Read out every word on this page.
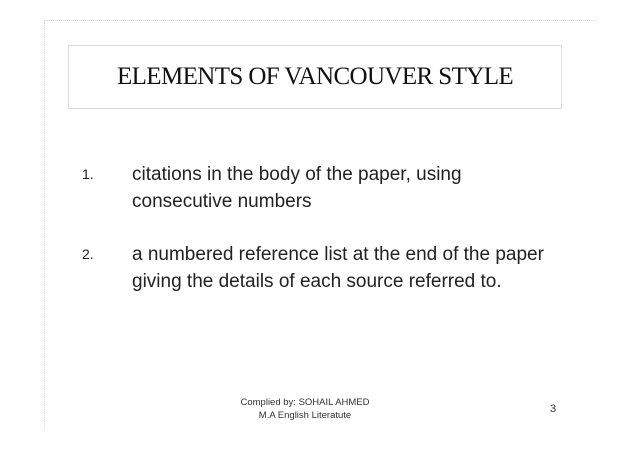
ELEMENTS OF VANCOUVER STYLE
1.	citations in the body of the paper, using consecutive numbers
2.	a numbered reference list at the end of the paper giving the details of each source referred to.
Complied by: SOHAIL AHMED
M.A English Literatute
3
